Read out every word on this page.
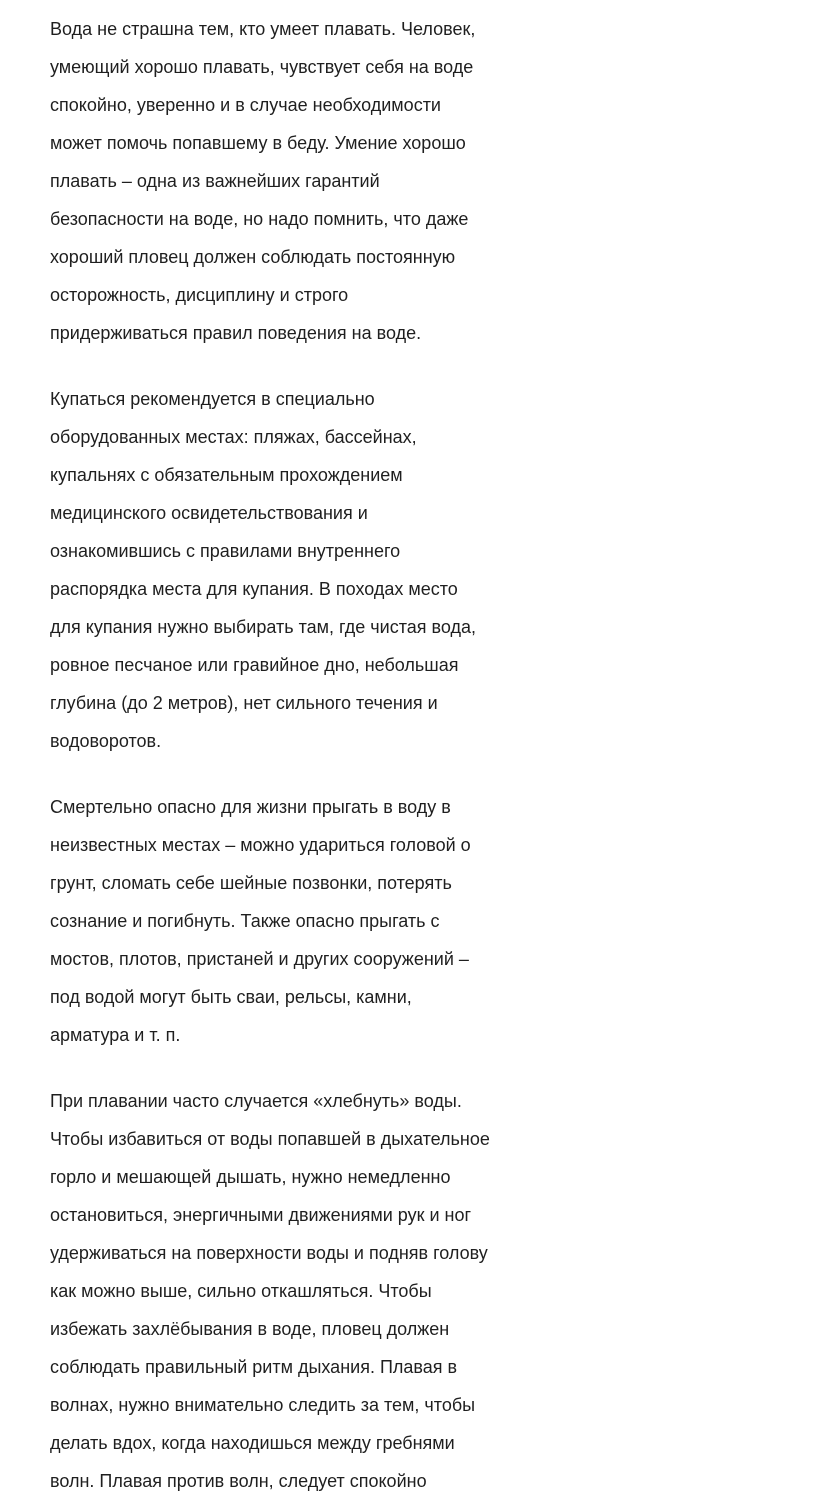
Вода не страшна тем, кто умеет плавать. Человек,
умеющий хорошо плавать, чувствует себя на воде
спокойно, уверенно и в случае необходимости
может помочь попавшему в беду. Умение хорошо
плавать – одна из важнейших гарантий
безопасности на воде, но надо помнить, что даже
хороший пловец должен соблюдать постоянную
осторожность, дисциплину и строго
придерживаться правил поведения на воде.

Купаться рекомендуется в специально
оборудованных местах: пляжах, бассейнах,
купальнях с обязательным прохождением
медицинского освидетельствования и
ознакомившись с правилами внутреннего
распорядка места для купания. В походах место
для купания нужно выбирать там, где чистая вода,
ровное песчаное или гравийное дно, небольшая
глубина (до 2 метров), нет сильного течения и
водоворотов.

Смертельно опасно для жизни прыгать в воду в
неизвестных местах – можно удариться головой о
грунт, сломать себе шейные позвонки, потерять
сознание и погибнуть. Также опасно прыгать с
мостов, плотов, пристаней и других сооружений –
под водой могут быть сваи, рельсы, камни,
арматура и т. п.

При плавании часто случается «хлебнуть» воды.
Чтобы избавиться от воды попавшей в дыхательное
горло и мешающей дышать, нужно немедленно
остановиться, энергичными движениями рук и ног
удерживаться на поверхности воды и подняв голову
как можно выше, сильно откашляться. Чтобы
избежать захлёбывания в воде, пловец должен
соблюдать правильный ритм дыхания. Плавая в
волнах, нужно внимательно следить за тем, чтобы
делать вдох, когда находишься между гребнями
волн. Плавая против волн, следует спокойно
